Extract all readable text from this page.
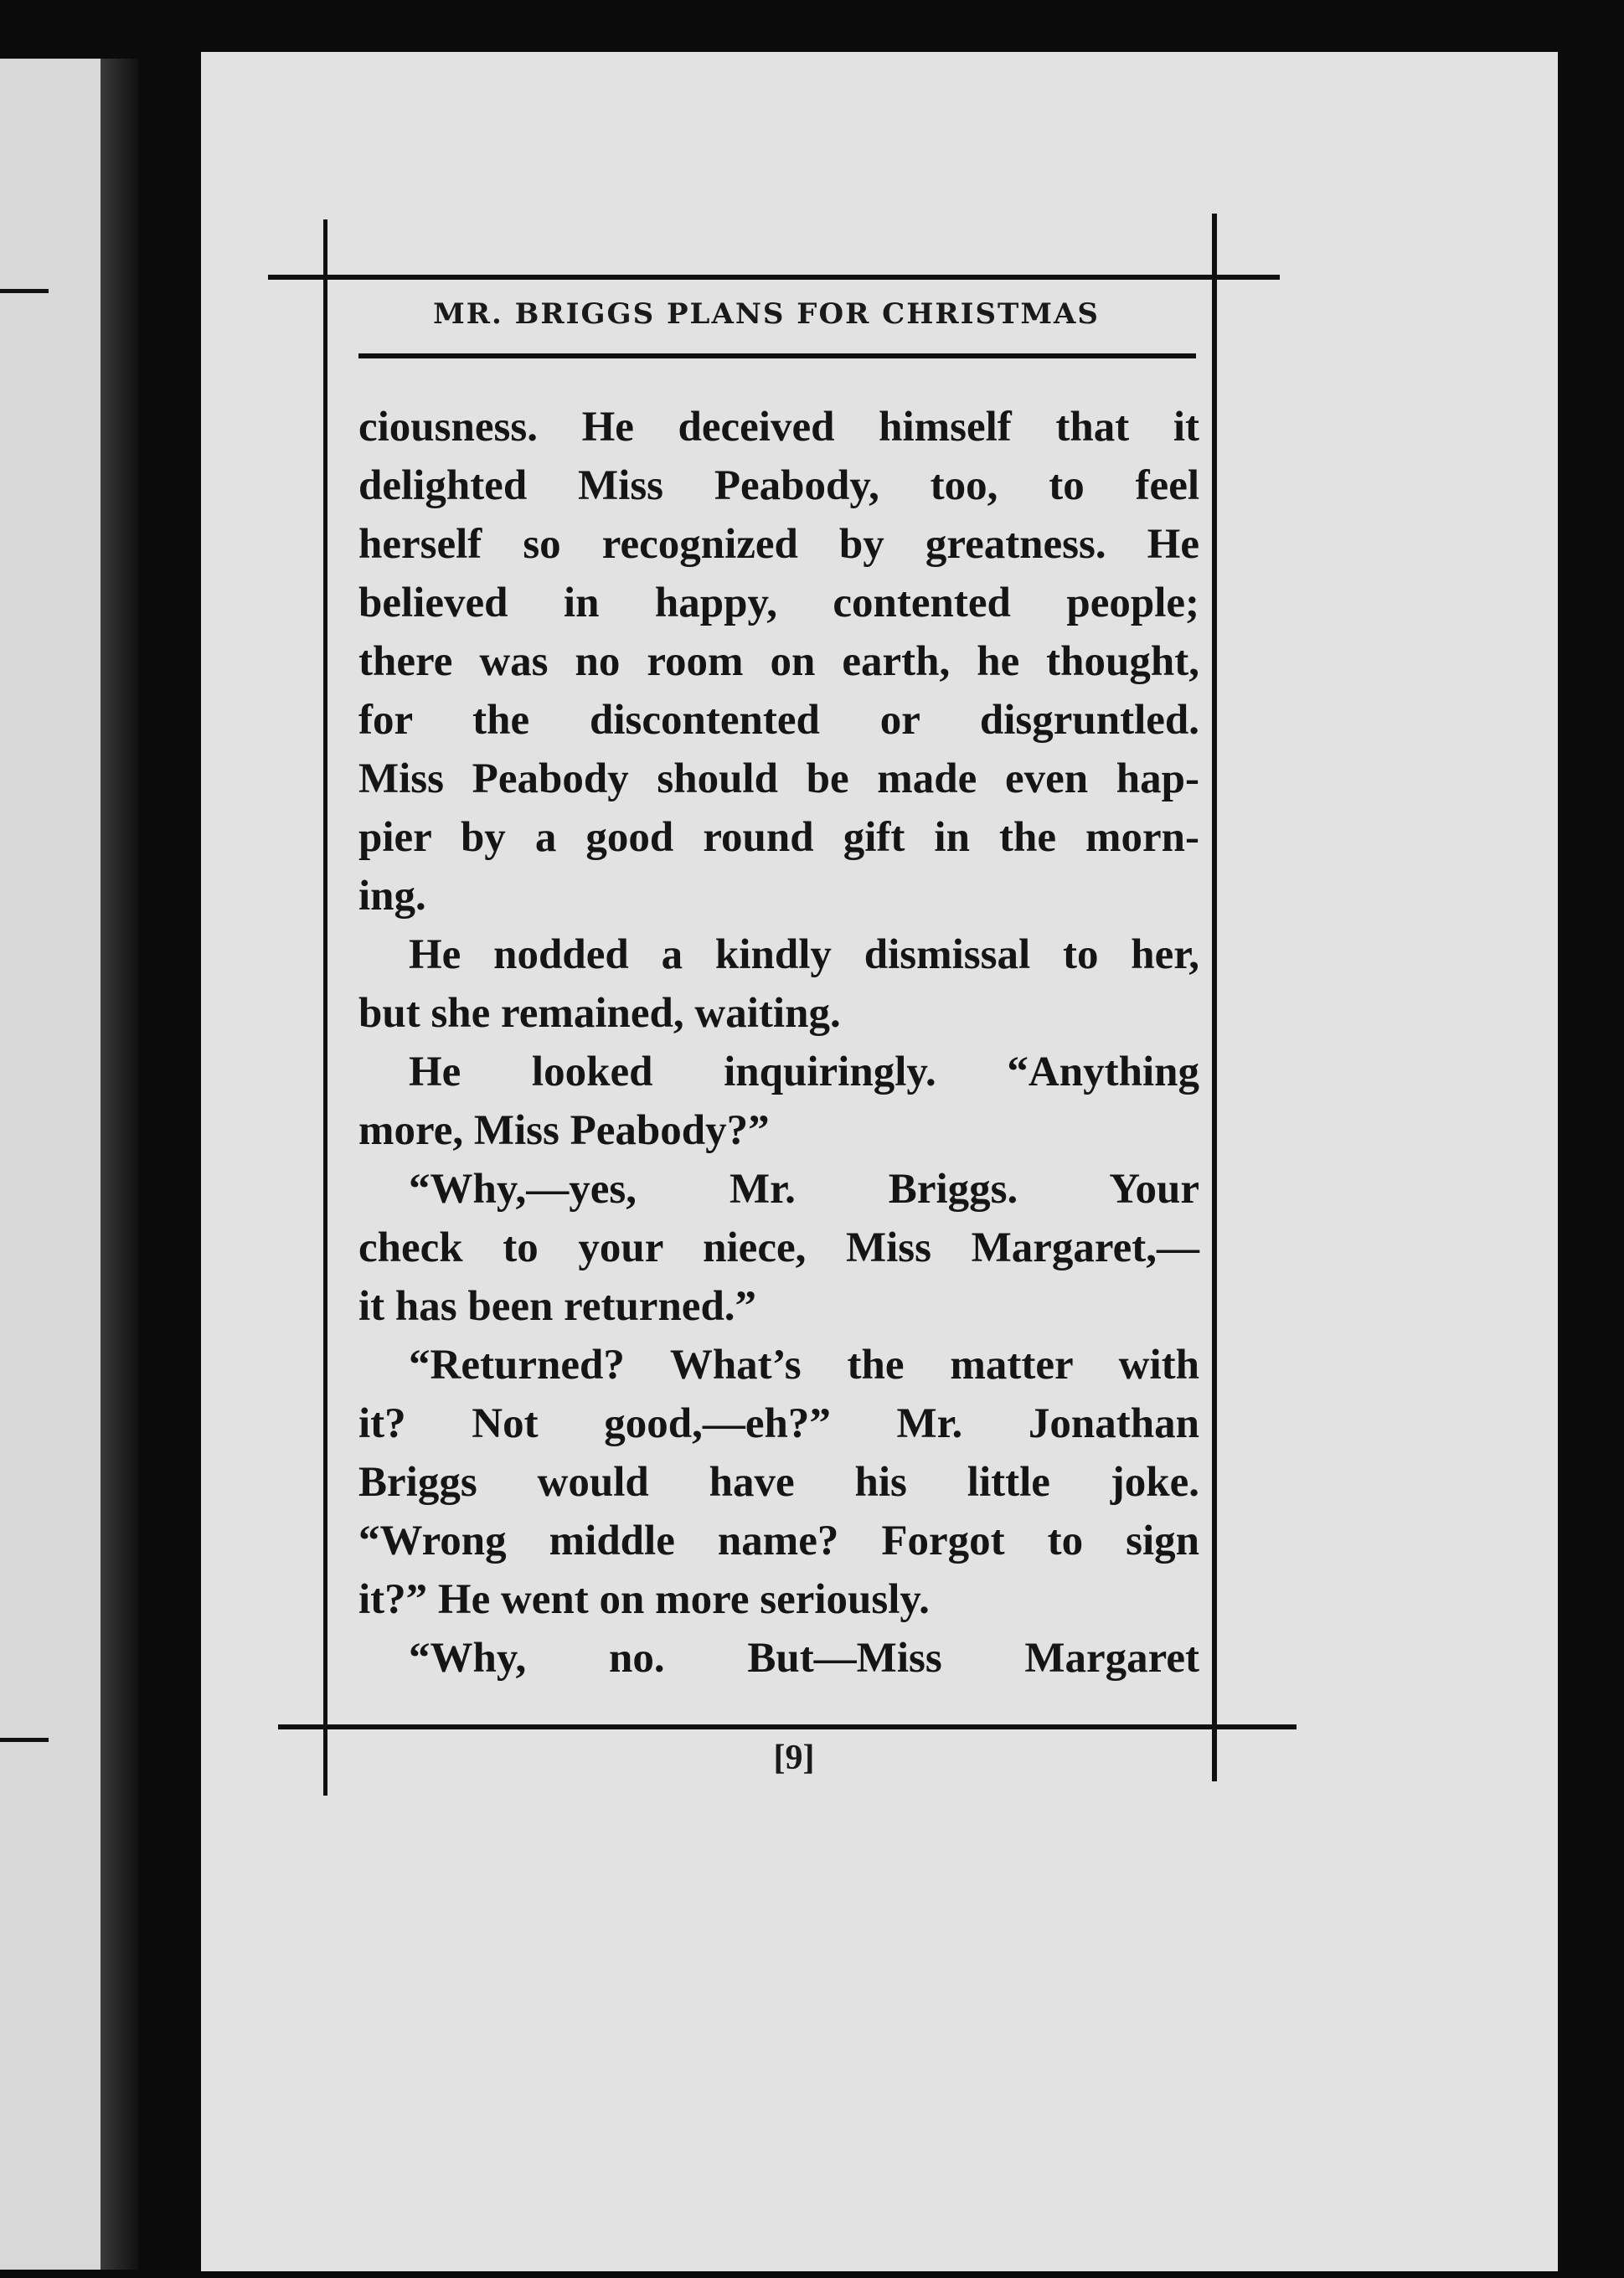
MR. BRIGGS PLANS FOR CHRISTMAS
ciousness. He deceived himself that it
delighted Miss Peabody, too, to feel
herself so recognized by greatness. He
believed in happy, contented people;
there was no room on earth, he thought,
for the discontented or disgruntled.
Miss Peabody should be made even hap-
pier by a good round gift in the morn-
ing.
He nodded a kindly dismissal to her,
but she remained, waiting.
He looked inquiringly. “Anything
more, Miss Peabody?”
“Why,—yes, Mr. Briggs. Your
check to your niece, Miss Margaret,—
it has been returned.”
“Returned? What’s the matter with
it? Not good,—eh?” Mr. Jonathan
Briggs would have his little joke.
“Wrong middle name? Forgot to sign
it?” He went on more seriously.
“Why, no. But—Miss Margaret
[9]
